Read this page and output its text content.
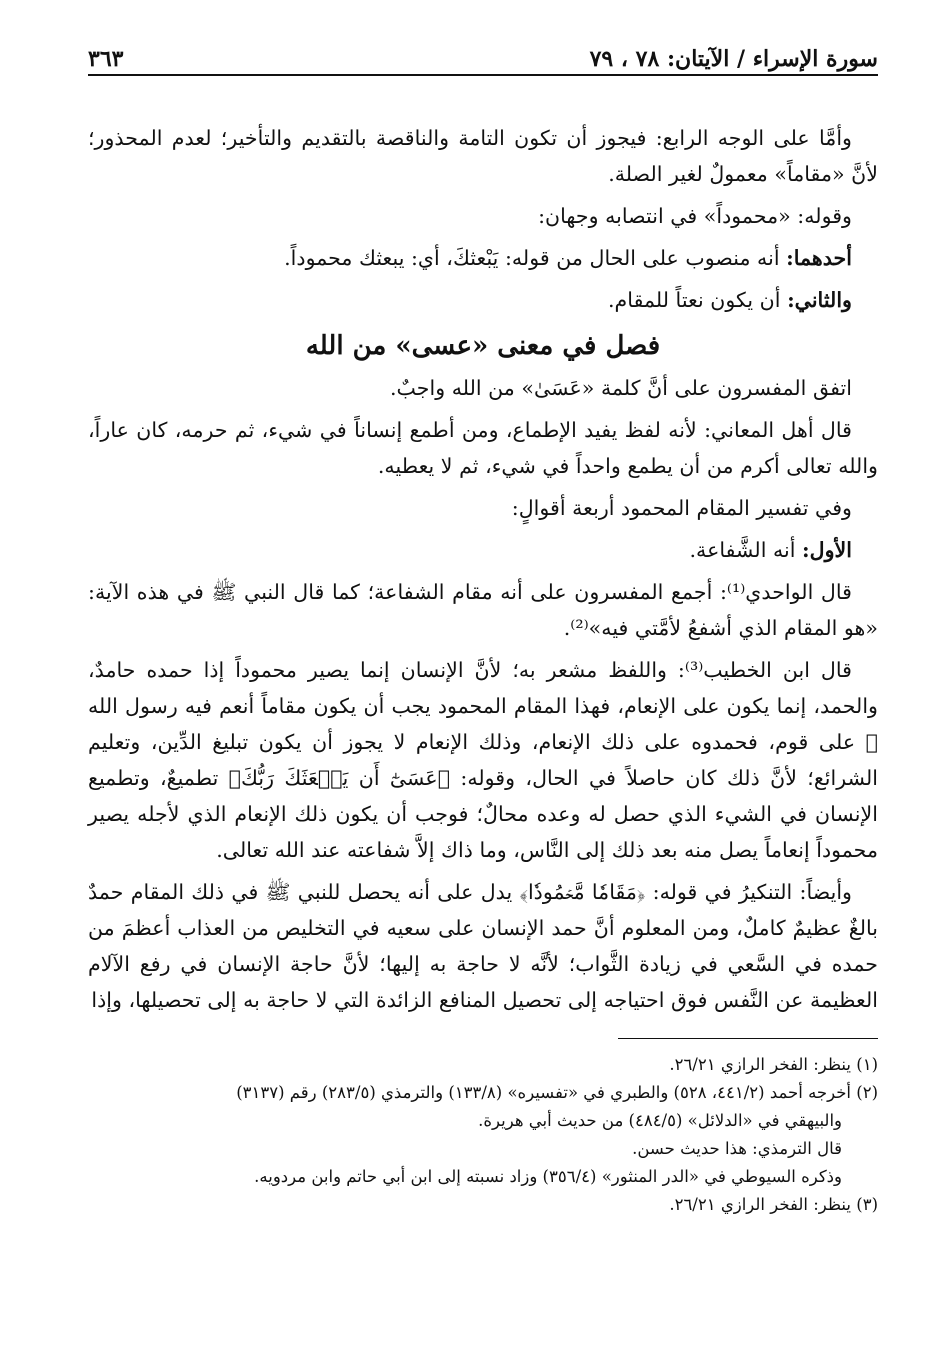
سورة الإسراء / الآيتان: ٧٨ ، ٧٩
٣٦٣

وأمَّا على الوجه الرابع: فيجوز أن تكون التامة والناقصة بالتقديم والتأخير؛ لعدم المحذور؛ لأنَّ «مقاماً» معمولٌ لغير الصلة.

وقوله: «محموداً» في انتصابه وجهان:

أحدهما: أنه منصوب على الحال من قوله: يَبْعثكَ، أي: يبعثك محموداً.

والثاني: أن يكون نعتاً للمقام.

فصل في معنى «عسى» من الله

اتفق المفسرون على أنَّ كلمة «عَسَىٰ» من الله واجبٌ.

قال أهل المعاني: لأنه لفظ يفيد الإطماع، ومن أطمع إنساناً في شيء، ثم حرمه، كان عاراً، والله تعالى أكرم من أن يطمع واحداً في شيء، ثم لا يعطيه.

وفي تفسير المقام المحمود أربعة أقوالٍ:

الأول: أنه الشَّفاعة.

قال الواحدي⁽¹⁾: أجمع المفسرون على أنه مقام الشفاعة؛ كما قال النبي ﷺ في هذه الآية: «هو المقام الذي أشفعُ لأمَّتي فيه»⁽²⁾.

قال ابن الخطيب⁽³⁾: واللفظ مشعر به؛ لأنَّ الإنسان إنما يصير محموداً إذا حمده حامدٌ، والحمد، إنما يكون على الإنعام، فهذا المقام المحمود يجب أن يكون مقاماً أنعم فيه رسول الله ﷺ على قوم، فحمدوه على ذلك الإنعام، وذلك الإنعام لا يجوز أن يكون تبليغ الدِّين، وتعليم الشرائع؛ لأنَّ ذلك كان حاصلاً في الحال، وقوله: ﴿عَسَىٰٓ أَن يَبۡعَثَكَ رَبُّكَ﴾ تطميعٌ، وتطميع الإنسان في الشيء الذي حصل له وعده محالٌ؛ فوجب أن يكون ذلك الإنعام الذي لأجله يصير محموداً إنعاماً يصل منه بعد ذلك إلى النَّاس، وما ذاك إلاَّ شفاعته عند الله تعالى.

وأيضاً: التنكيرُ في قوله: ﴿مَقَامٗا مَّحۡمُودٗا﴾ يدل على أنه يحصل للنبي ﷺ في ذلك المقام حمدٌ بالغٌ عظيمٌ كاملٌ، ومن المعلوم أنَّ حمد الإنسان على سعيه في التخليص من العذاب أعظمَ من حمده في السَّعي في زيادة الثَّواب؛ لأنَّه لا حاجة به إليها؛ لأنَّ حاجة الإنسان في رفع الآلام العظيمة عن النَّفس فوق احتياجه إلى تحصيل المنافع الزائدة التي لا حاجة به إلى تحصيلها، وإذا

(١) ينظر: الفخر الرازي ٢٦/٢١.

(٢) أخرجه أحمد (٤٤١/٢، ٥٢٨) والطبري في «تفسيره» (١٣٣/٨) والترمذي (٢٨٣/٥) رقم (٣١٣٧)

والبيهقي في «الدلائل» (٤٨٤/٥) من حديث أبي هريرة.

قال الترمذي: هذا حديث حسن.

وذكره السيوطي في «الدر المنثور» (٣٥٦/٤) وزاد نسبته إلى ابن أبي حاتم وابن مردويه.

(٣) ينظر: الفخر الرازي ٢٦/٢١.
